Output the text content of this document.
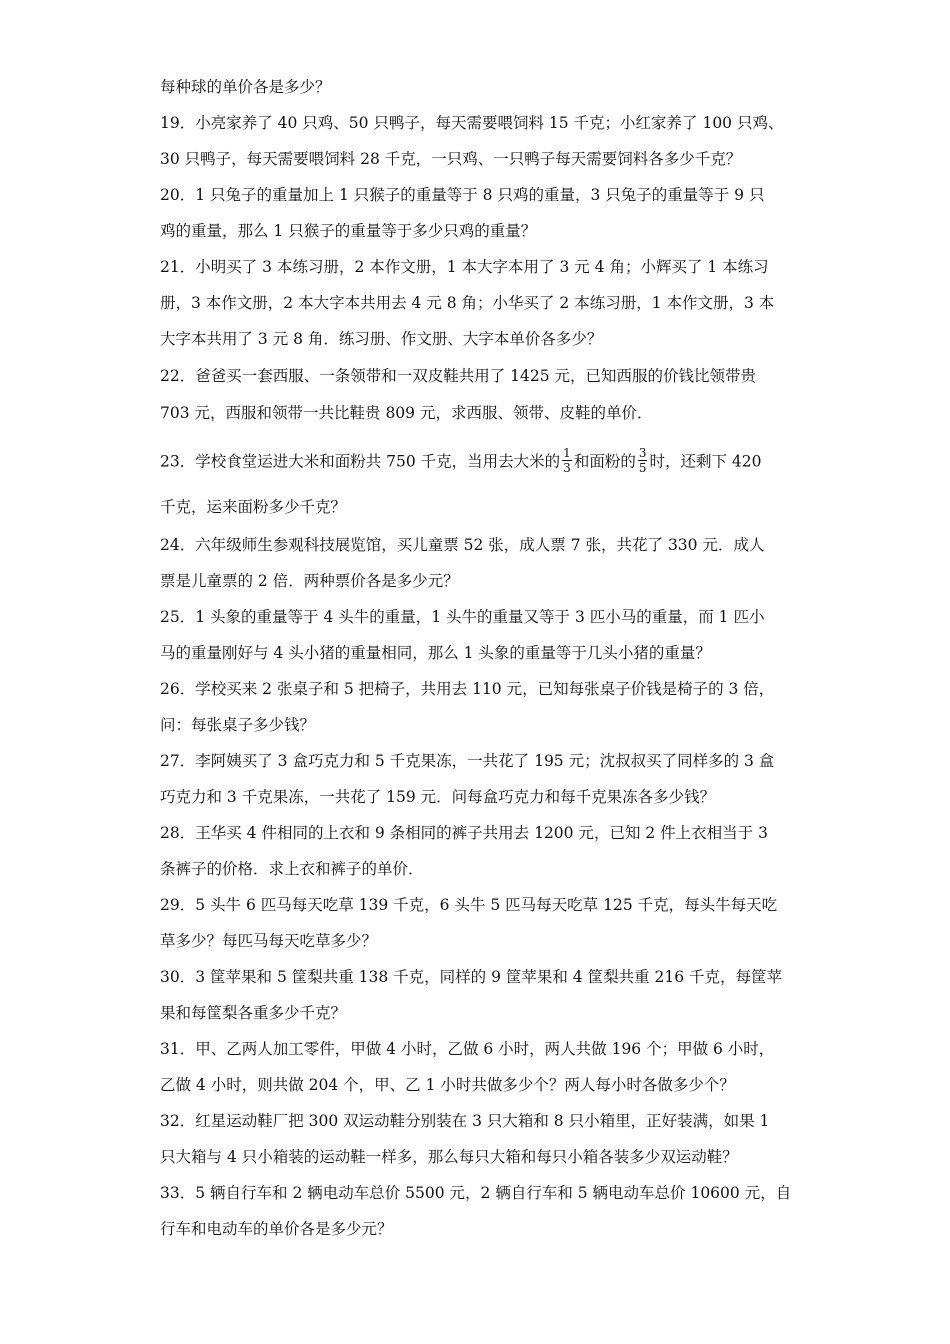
每种球的单价各是多少？
19．小亮家养了 40 只鸡、50 只鸭子，每天需要喂饲料 15 千克；小红家养了 100 只鸡、
30 只鸭子，每天需要喂饲料 28 千克，一只鸡、一只鸭子每天需要饲料各多少千克？
20．1 只兔子的重量加上 1 只猴子的重量等于 8 只鸡的重量，3 只兔子的重量等于 9 只
鸡的重量，那么 1 只猴子的重量等于多少只鸡的重量？
21．小明买了 3 本练习册，2 本作文册，1 本大字本用了 3 元 4 角；小辉买了 1 本练习
册，3 本作文册，2 本大字本共用去 4 元 8 角；小华买了 2 本练习册，1 本作文册，3 本
大字本共用了 3 元 8 角．练习册、作文册、大字本单价各多少？
22．爸爸买一套西服、一条领带和一双皮鞋共用了 1425 元，已知西服的价钱比领带贵
703 元，西服和领带一共比鞋贵 809 元，求西服、领带、皮鞋的单价．
23．学校食堂运进大米和面粉共 750 千克，当用去大米的 $\frac{1}{3}$ 和面粉的 $\frac{3}{5}$ 时，还剩下 420
千克，运来面粉多少千克？
24．六年级师生参观科技展览馆，买儿童票 52 张，成人票 7 张，共花了 330 元．成人
票是儿童票的 2 倍．两种票价各是多少元？
25．1 头象的重量等于 4 头牛的重量，1 头牛的重量又等于 3 匹小马的重量，而 1 匹小
马的重量刚好与 4 头小猪的重量相同，那么 1 头象的重量等于几头小猪的重量？
26．学校买来 2 张桌子和 5 把椅子，共用去 110 元，已知每张桌子价钱是椅子的 3 倍，
问：每张桌子多少钱？
27．李阿姨买了 3 盒巧克力和 5 千克果冻，一共花了 195 元；沈叔叔买了同样多的 3 盒
巧克力和 3 千克果冻，一共花了 159 元．问每盒巧克力和每千克果冻各多少钱？
28．王华买 4 件相同的上衣和 9 条相同的裤子共用去 1200 元，已知 2 件上衣相当于 3
条裤子的价格．求上衣和裤子的单价．
29．5 头牛 6 匹马每天吃草 139 千克，6 头牛 5 匹马每天吃草 125 千克，每头牛每天吃
草多少？每匹马每天吃草多少？
30．3 筐苹果和 5 筐梨共重 138 千克，同样的 9 筐苹果和 4 筐梨共重 216 千克，每筐苹
果和每筐梨各重多少千克？
31．甲、乙两人加工零件，甲做 4 小时，乙做 6 小时，两人共做 196 个；甲做 6 小时，
乙做 4 小时，则共做 204 个，甲、乙 1 小时共做多少个？两人每小时各做多少个？
32．红星运动鞋厂把 300 双运动鞋分别装在 3 只大箱和 8 只小箱里，正好装满，如果 1
只大箱与 4 只小箱装的运动鞋一样多，那么每只大箱和每只小箱各装多少双运动鞋？
33．5 辆自行车和 2 辆电动车总价 5500 元，2 辆自行车和 5 辆电动车总价 10600 元，自
行车和电动车的单价各是多少元？
